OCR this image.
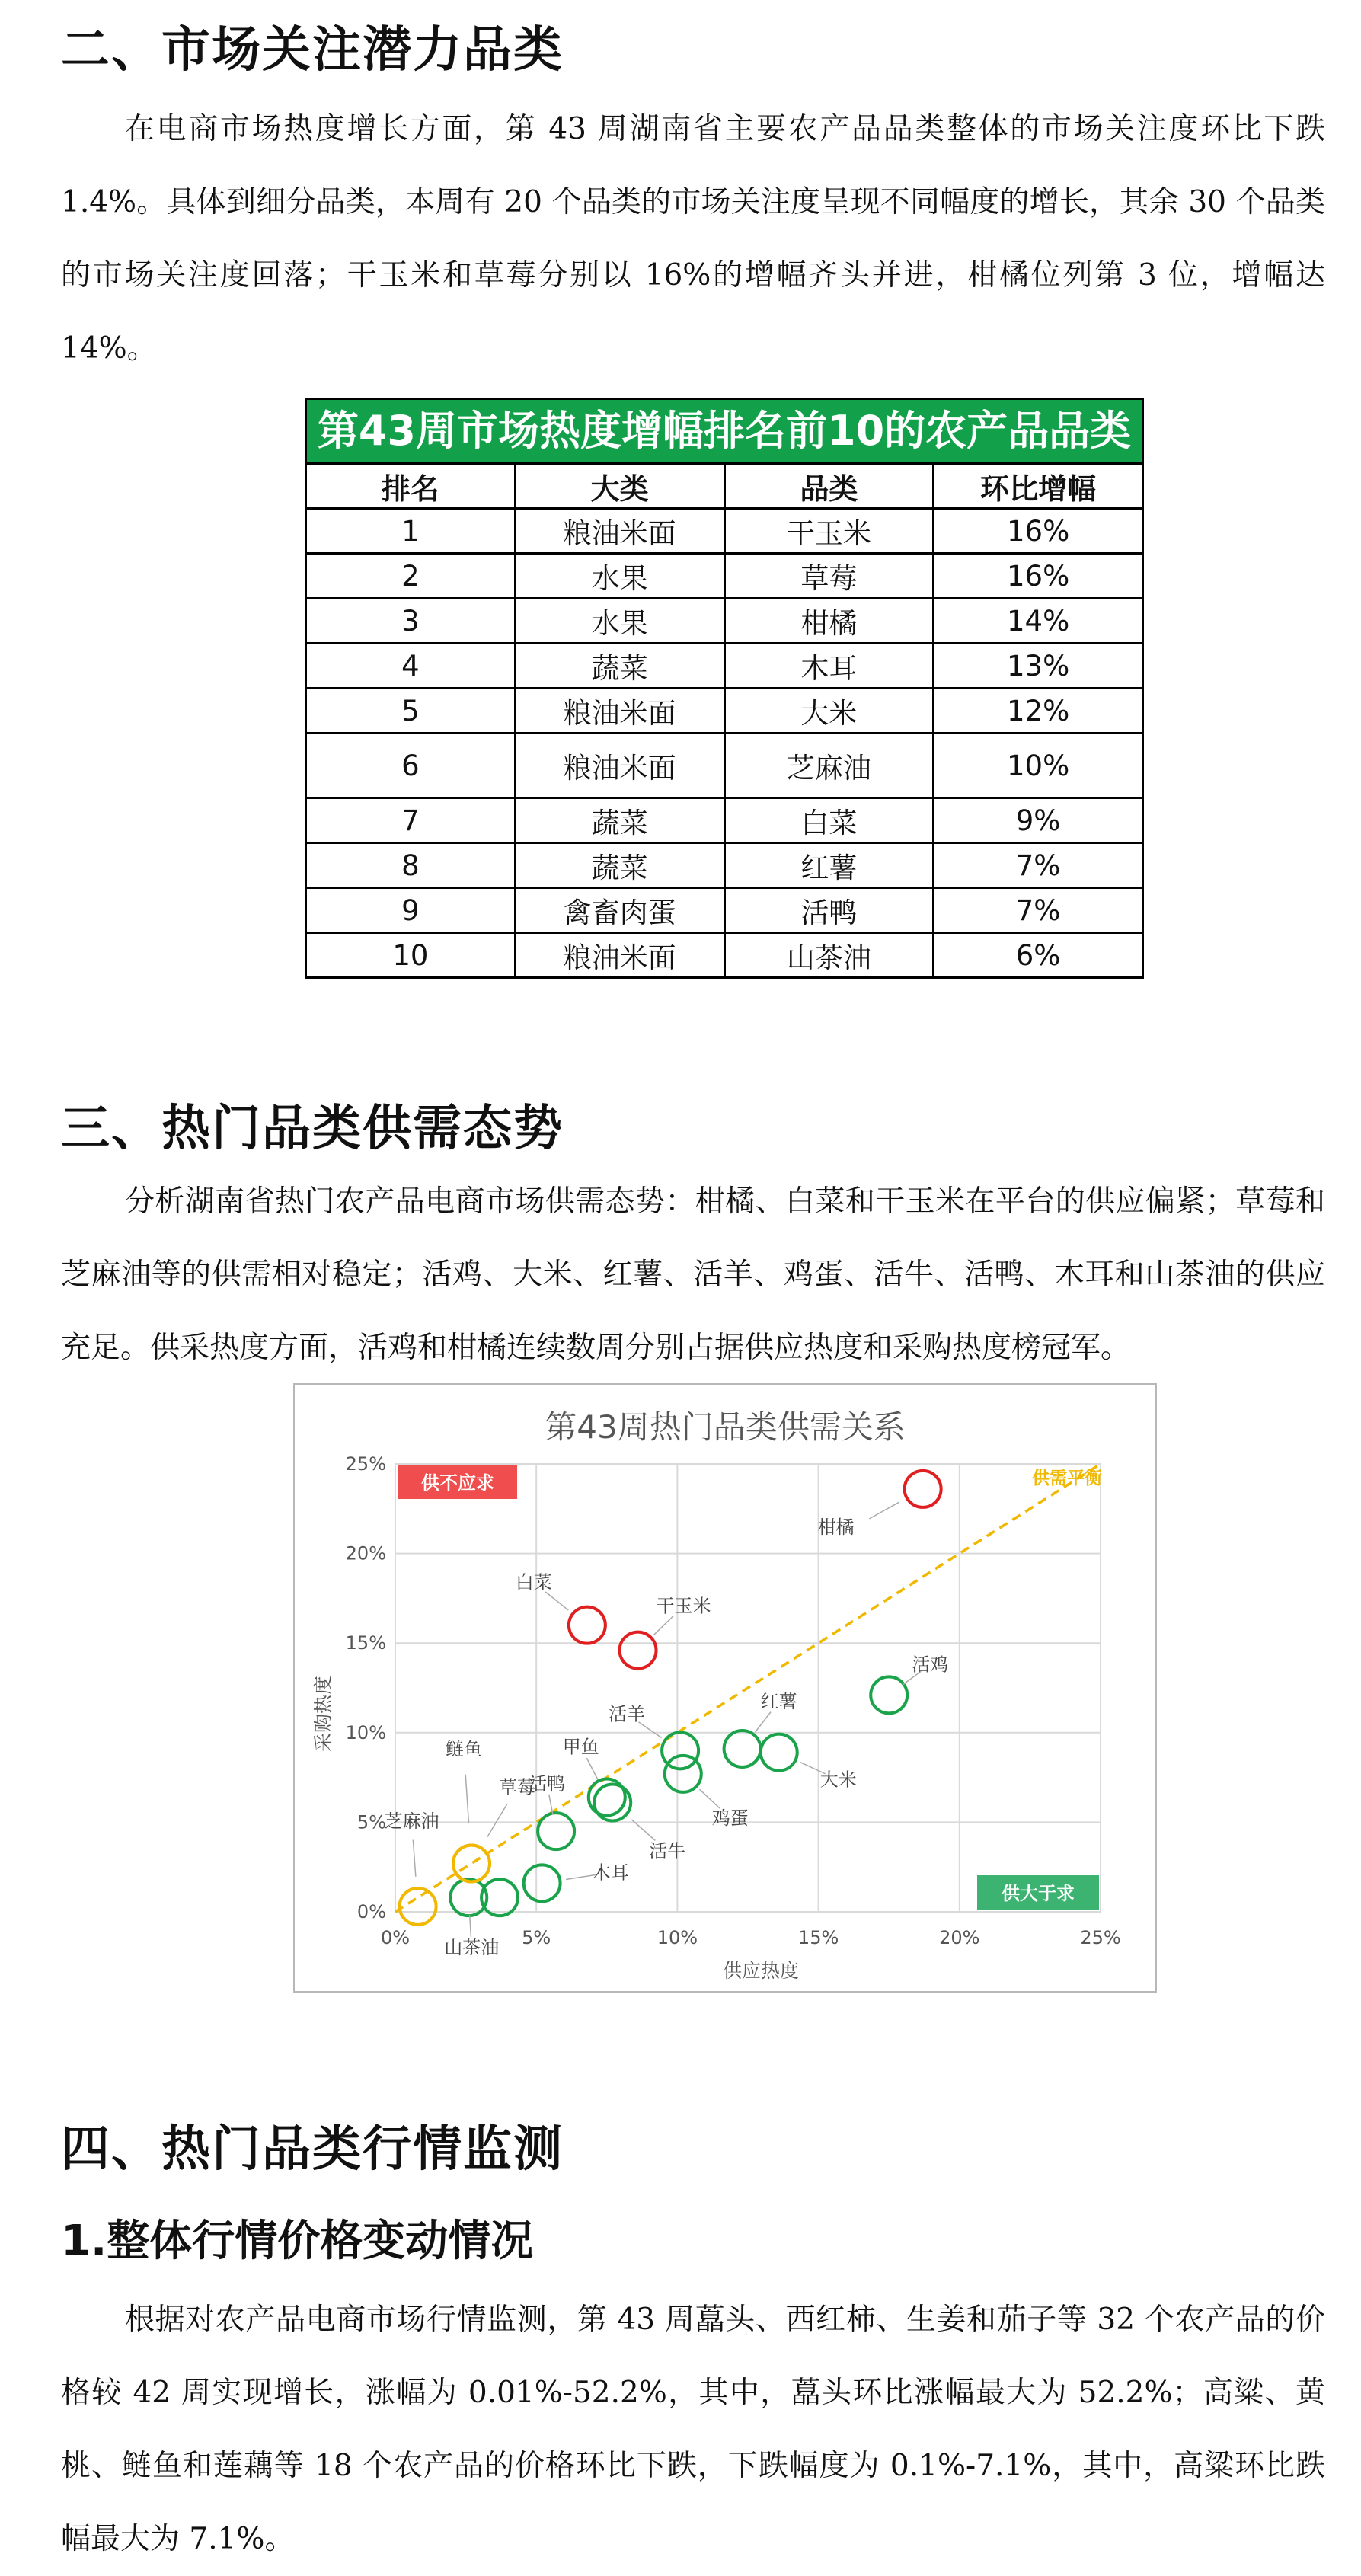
二、市场关注潜力品类

在电商市场热度增长方面，第 43 周湖南省主要农产品品类整体的市场关注度环比下跌 1.4%。具体到细分品类，本周有 20 个品类的市场关注度呈现不同幅度的增长，其余 30 个品类的市场关注度回落；干玉米和草莓分别以 16%的增幅齐头并进，柑橘位列第 3 位，增幅达 14%。

第43周市场热度增幅排名前10的农产品品类
排名	大类	品类	环比增幅
1	粮油米面	干玉米	16%
2	水果	草莓	16%
3	水果	柑橘	14%
4	蔬菜	木耳	13%
5	粮油米面	大米	12%
6	粮油米面	芝麻油	10%
7	蔬菜	白菜	9%
8	蔬菜	红薯	7%
9	禽畜肉蛋	活鸭	7%
10	粮油米面	山茶油	6%
三、热门品类供需态势

分析湖南省热门农产品电商市场供需态势：柑橘、白菜和干玉米在平台的供应偏紧；草莓和芝麻油等的供需相对稳定；活鸡、大米、红薯、活羊、鸡蛋、活牛、活鸭、木耳和山茶油的供应充足。供采热度方面，活鸡和柑橘连续数周分别占据供应热度和采购热度榜冠军。

第43周热门品类供需关系
0%
0%
5%
5%
10%
10%
15%
15%
20%
20%
25%
25%
供不应求
供大于求
供需平衡
柑橘
白菜
干玉米
活鸡
红薯
大米
活羊
鸡蛋
甲鱼
活牛
活鸭
木耳
山茶油
草莓
鲢鱼
芝麻油
供应热度
采购热度
四、热门品类行情监测
1.整体行情价格变动情况

根据对农产品电商市场行情监测，第 43 周藠头、西红柿、生姜和茄子等 32 个农产品的价格较 42 周实现增长，涨幅为 0.01%-52.2%，其中，藠头环比涨幅最大为 52.2%；高粱、黄桃、鲢鱼和莲藕等 18 个农产品的价格环比下跌，下跌幅度为 0.1%-7.1%，其中，高粱环比跌幅最大为 7.1%。
